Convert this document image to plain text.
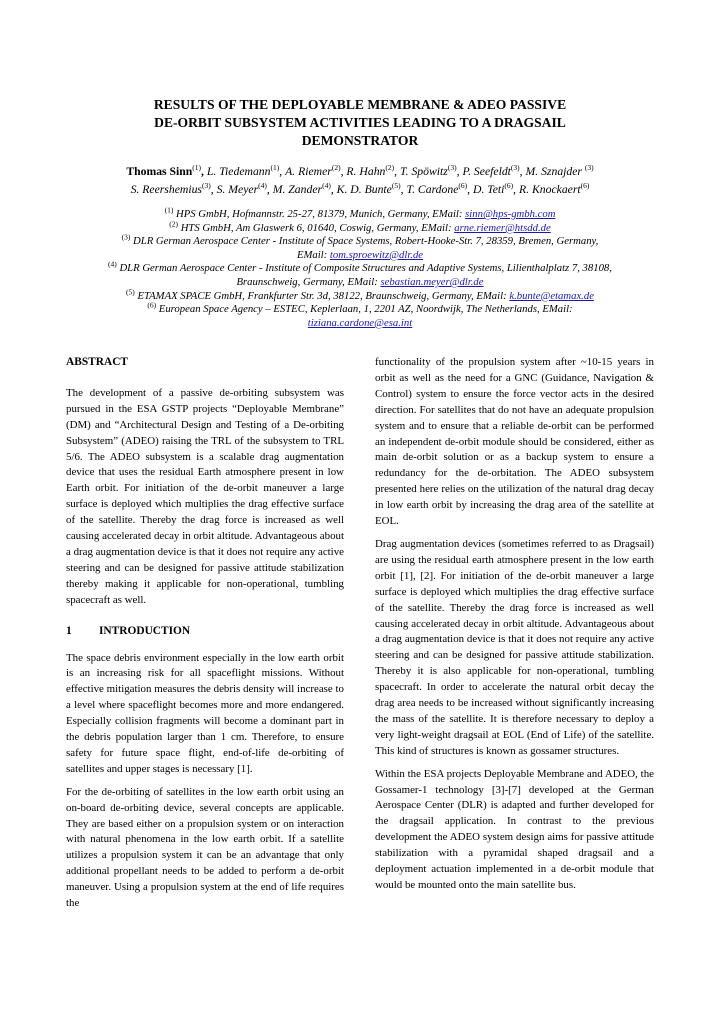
RESULTS OF THE DEPLOYABLE MEMBRANE & ADEO PASSIVE
DE-ORBIT SUBSYSTEM ACTIVITIES LEADING TO A DRAGSAIL
DEMONSTRATOR
Thomas Sinn$^{(1)}$, L. Tiedemann$^{(1)}$, A. Riemer$^{(2)}$, R. Hahn$^{(2)}$, T. Spöwitz$^{(3)}$, P. Seefeldt$^{(3)}$, M. Sznajder $^{(3)}$
S. Reershemius$^{(3)}$, S. Meyer$^{(4)}$, M. Zander$^{(4)}$, K. D. Bunte$^{(5)}$, T. Cardone$^{(6)}$, D. Teti$^{(6)}$, R. Knockaert$^{(6)}$
$^{(1)}$ HPS GmbH, Hofmannstr. 25-27, 81379, Munich, Germany, EMail: sinn@hps-gmbh.com
$^{(2)}$ HTS GmbH, Am Glaswerk 6, 01640, Coswig, Germany, EMail: arne.riemer@htsdd.de
$^{(3)}$ DLR German Aerospace Center - Institute of Space Systems, Robert-Hooke-Str. 7, 28359, Bremen, Germany,
EMail: tom.sproewitz@dlr.de
$^{(4)}$ DLR German Aerospace Center - Institute of Composite Structures and Adaptive Systems, Lilienthalplatz 7, 38108,
Braunschweig, Germany, EMail: sebastian.meyer@dlr.de
$^{(5)}$ ETAMAX SPACE GmbH, Frankfurter Str. 3d, 38122, Braunschweig, Germany, EMail: k.bunte@etamax.de
$^{(6)}$ European Space Agency – ESTEC, Keplerlaan, 1, 2201 AZ, Noordwijk, The Netherlands, EMail:
tiziana.cardone@esa.int

ABSTRACT

The development of a passive de-orbiting subsystem was pursued in the ESA GSTP projects “Deployable Membrane” (DM) and “Architectural Design and Testing of a De-orbiting Subsystem” (ADEO) raising the TRL of the subsystem to TRL 5/6. The ADEO subsystem is a scalable drag augmentation device that uses the residual Earth atmosphere present in low Earth orbit. For initiation of the de-orbit maneuver a large surface is deployed which multiplies the drag effective surface of the satellite. Thereby the drag force is increased as well causing accelerated decay in orbit altitude. Advantageous about a drag augmentation device is that it does not require any active steering and can be designed for passive attitude stabilization thereby making it applicable for non-operational, tumbling spacecraft as well.

1 INTRODUCTION

The space debris environment especially in the low earth orbit is an increasing risk for all spaceflight missions. Without effective mitigation measures the debris density will increase to a level where spaceflight becomes more and more endangered. Especially collision fragments will become a dominant part in the debris population larger than 1 cm. Therefore, to ensure safety for future space flight, end-of-life de-orbiting of satellites and upper stages is necessary [1].

For the de-orbiting of satellites in the low earth orbit using an on-board de-orbiting device, several concepts are applicable. They are based either on a propulsion system or on interaction with natural phenomena in the low earth orbit. If a satellite utilizes a propulsion system it can be an advantage that only additional propellant needs to be added to perform a de-orbit maneuver. Using a propulsion system at the end of life requires the

functionality of the propulsion system after ~10-15 years in orbit as well as the need for a GNC (Guidance, Navigation & Control) system to ensure the force vector acts in the desired direction. For satellites that do not have an adequate propulsion system and to ensure that a reliable de-orbit can be performed an independent de-orbit module should be considered, either as main de-orbit solution or as a backup system to ensure a redundancy for the de-orbitation. The ADEO subsystem presented here relies on the utilization of the natural drag decay in low earth orbit by increasing the drag area of the satellite at EOL.

Drag augmentation devices (sometimes referred to as Dragsail) are using the residual earth atmosphere present in the low earth orbit [1], [2]. For initiation of the de-orbit maneuver a large surface is deployed which multiplies the drag effective surface of the satellite. Thereby the drag force is increased as well causing accelerated decay in orbit altitude. Advantageous about a drag augmentation device is that it does not require any active steering and can be designed for passive attitude stabilization. Thereby it is also applicable for non-operational, tumbling spacecraft. In order to accelerate the natural orbit decay the drag area needs to be increased without significantly increasing the mass of the satellite. It is therefore necessary to deploy a very light-weight dragsail at EOL (End of Life) of the satellite. This kind of structures is known as gossamer structures.

Within the ESA projects Deployable Membrane and ADEO, the Gossamer-1 technology [3]-[7] developed at the German Aerospace Center (DLR) is adapted and further developed for the dragsail application. In contrast to the previous development the ADEO system design aims for passive attitude stabilization with a pyramidal shaped dragsail and a deployment actuation implemented in a de-orbit module that would be mounted onto the main satellite bus.
